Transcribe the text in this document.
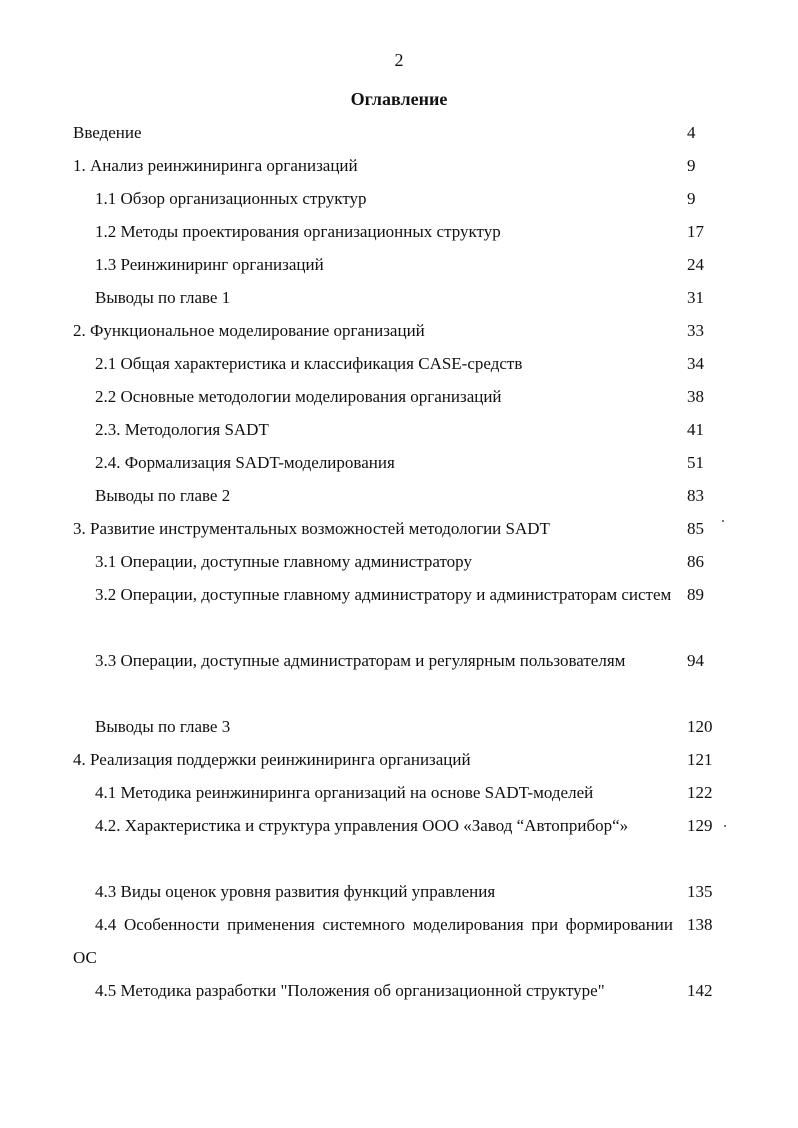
2
Оглавление
Введение	4
1. Анализ реинжиниринга организаций	9
1.1 Обзор организационных структур	9
1.2 Методы проектирования организационных структур	17
1.3 Реинжиниринг организаций	24
Выводы по главе 1	31
2. Функциональное моделирование организаций	33
2.1 Общая характеристика и классификация CASE-средств	34
2.2 Основные методологии моделирования организаций	38
2.3. Методология SADT	41
2.4. Формализация SADT-моделирования	51
Выводы по главе 2	83
3. Развитие инструментальных возможностей методологии SADT	85
3.1 Операции, доступные главному администратору	86
3.2 Операции, доступные главному администратору и администраторам систем 89
3.3 Операции, доступные администраторам и регулярным пользователям	94
Выводы по главе 3	120
4. Реализация поддержки реинжиниринга организаций	121
4.1 Методика реинжиниринга организаций на основе SADT-моделей	122
4.2. Характеристика и структура управления ООО «Завод “Автоприбор“»	129
4.3 Виды оценок уровня развития функций управления	135
4.4 Особенности применения системного моделирования при формировании ОС
138
4.5 Методика разработки "Положения об организационной структуре"	142
